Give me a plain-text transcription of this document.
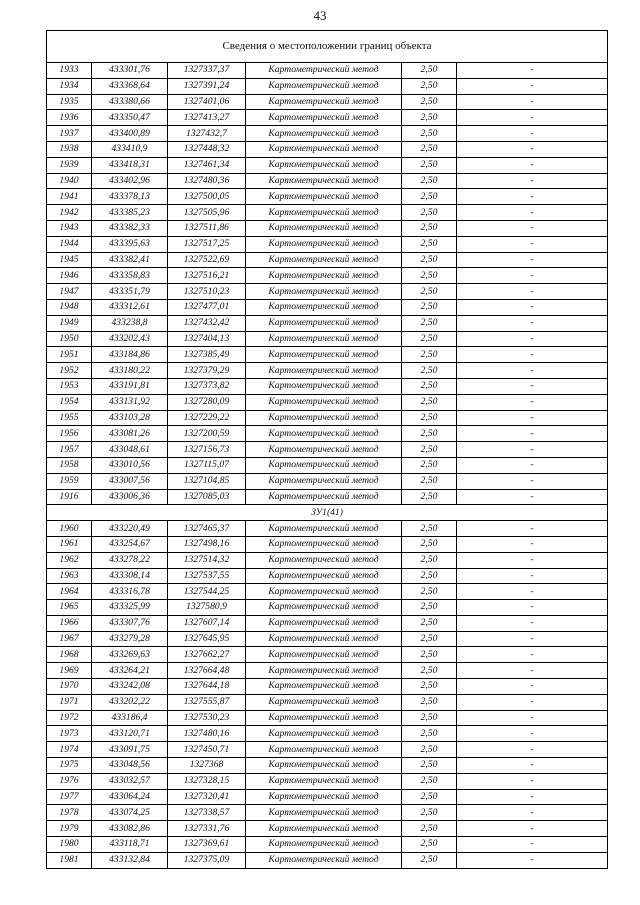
43
Сведения о местоположении границ объекта
1933	433301,76	1327337,37	Картометрический метод	2,50	-
1934	433368,64	1327391,24	Картометрический метод	2,50	-
1935	433380,66	1327401,06	Картометрический метод	2,50	-
1936	433350,47	1327413,27	Картометрический метод	2,50	-
1937	433400,89	1327432,7	Картометрический метод	2,50	-
1938	433410,9	1327448,32	Картометрический метод	2,50	-
1939	433418,31	1327461,34	Картометрический метод	2,50	-
1940	433402,96	1327480,36	Картометрический метод	2,50	-
1941	433378,13	1327500,05	Картометрический метод	2,50	-
1942	433385,23	1327505,96	Картометрический метод	2,50	-
1943	433382,33	1327511,86	Картометрический метод	2,50	-
1944	433395,63	1327517,25	Картометрический метод	2,50	-
1945	433382,41	1327522,69	Картометрический метод	2,50	-
1946	433358,83	1327516,21	Картометрический метод	2,50	-
1947	433351,79	1327510,23	Картометрический метод	2,50	-
1948	433312,61	1327477,01	Картометрический метод	2,50	-
1949	433238,8	1327432,42	Картометрический метод	2,50	-
1950	433202,43	1327404,13	Картометрический метод	2,50	-
1951	433184,86	1327385,49	Картометрический метод	2,50	-
1952	433180,22	1327379,29	Картометрический метод	2,50	-
1953	433191,81	1327373,82	Картометрический метод	2,50	-
1954	433131,92	1327280,09	Картометрический метод	2,50	-
1955	433103,28	1327229,22	Картометрический метод	2,50	-
1956	433081,26	1327200,59	Картометрический метод	2,50	-
1957	433048,61	1327156,73	Картометрический метод	2,50	-
1958	433010,56	1327115,07	Картометрический метод	2,50	-
1959	433007,56	1327104,85	Картометрический метод	2,50	-
1916	433006,36	1327085,03	Картометрический метод	2,50	-
ЗУ1(41)					
1960	433220,49	1327465,37	Картометрический метод	2,50	-
1961	433254,67	1327498,16	Картометрический метод	2,50	-
1962	433278,22	1327514,32	Картометрический метод	2,50	-
1963	433308,14	1327537,55	Картометрический метод	2,50	-
1964	433316,78	1327544,25	Картометрический метод	2,50	-
1965	433325,99	1327580,9	Картометрический метод	2,50	-
1966	433307,76	1327607,14	Картометрический метод	2,50	-
1967	433279,28	1327645,95	Картометрический метод	2,50	-
1968	433269,63	1327662,27	Картометрический метод	2,50	-
1969	433264,21	1327664,48	Картометрический метод	2,50	-
1970	433242,08	1327644,18	Картометрический метод	2,50	-
1971	433202,22	1327555,87	Картометрический метод	2,50	-
1972	433186,4	1327530,23	Картометрический метод	2,50	-
1973	433120,71	1327480,16	Картометрический метод	2,50	-
1974	433091,75	1327450,71	Картометрический метод	2,50	-
1975	433048,56	1327368	Картометрический метод	2,50	-
1976	433032,57	1327328,15	Картометрический метод	2,50	-
1977	433064,24	1327320,41	Картометрический метод	2,50	-
1978	433074,25	1327338,57	Картометрический метод	2,50	-
1979	433082,86	1327331,76	Картометрический метод	2,50	-
1980	433118,71	1327369,61	Картометрический метод	2,50	-
1981	433132,84	1327375,09	Картометрический метод	2,50	-
